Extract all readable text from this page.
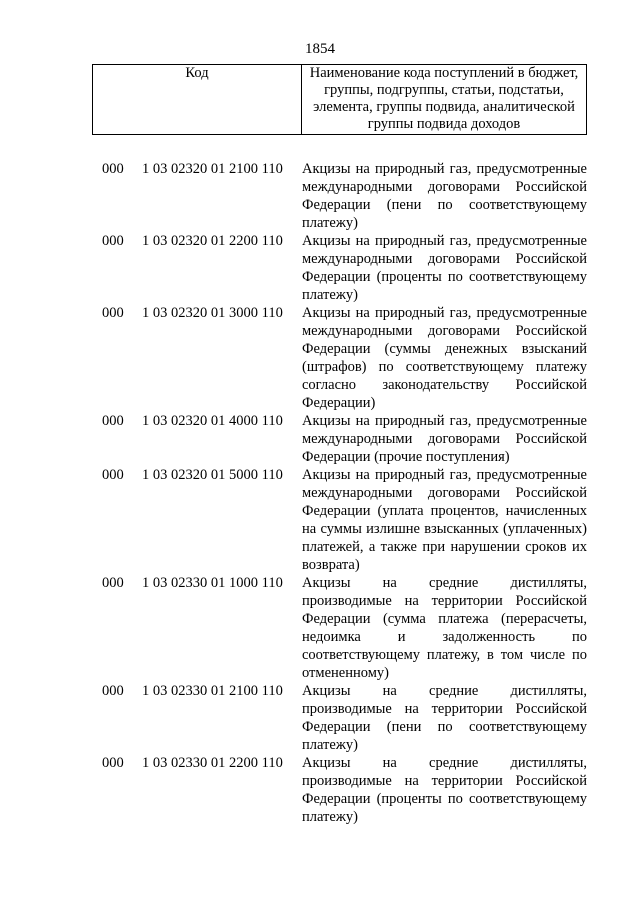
1854
Код	Наименование кода поступлений в бюджет, группы, подгруппы, статьи, подстатьи, элемента, группы подвида, аналитической группы подвида доходов
000	1 03 02320 01 2100 110	Акцизы на природный газ, предусмотренные международными договорами Российской Федерации (пени по соответствующему платежу)
000	1 03 02320 01 2200 110	Акцизы на природный газ, предусмотренные международными договорами Российской Федерации (проценты по соответствующему платежу)
000	1 03 02320 01 3000 110	Акцизы на природный газ, предусмотренные международными договорами Российской Федерации (суммы денежных взысканий (штрафов) по соответствующему платежу согласно законодательству Российской Федерации)
000	1 03 02320 01 4000 110	Акцизы на природный газ, предусмотренные международными договорами Российской Федерации (прочие поступления)
000	1 03 02320 01 5000 110	Акцизы на природный газ, предусмотренные международными договорами Российской Федерации (уплата процентов, начисленных на суммы излишне взысканных (уплаченных) платежей, а также при нарушении сроков их возврата)
000	1 03 02330 01 1000 110	Акцизы на средние дистилляты, производимые на территории Российской Федерации (сумма платежа (перерасчеты, недоимка и задолженность по соответствующему платежу, в том числе по отмененному)
000	1 03 02330 01 2100 110	Акцизы на средние дистилляты, производимые на территории Российской Федерации (пени по соответствующему платежу)
000	1 03 02330 01 2200 110	Акцизы на средние дистилляты, производимые на территории Российской Федерации (проценты по соответствующему платежу)
